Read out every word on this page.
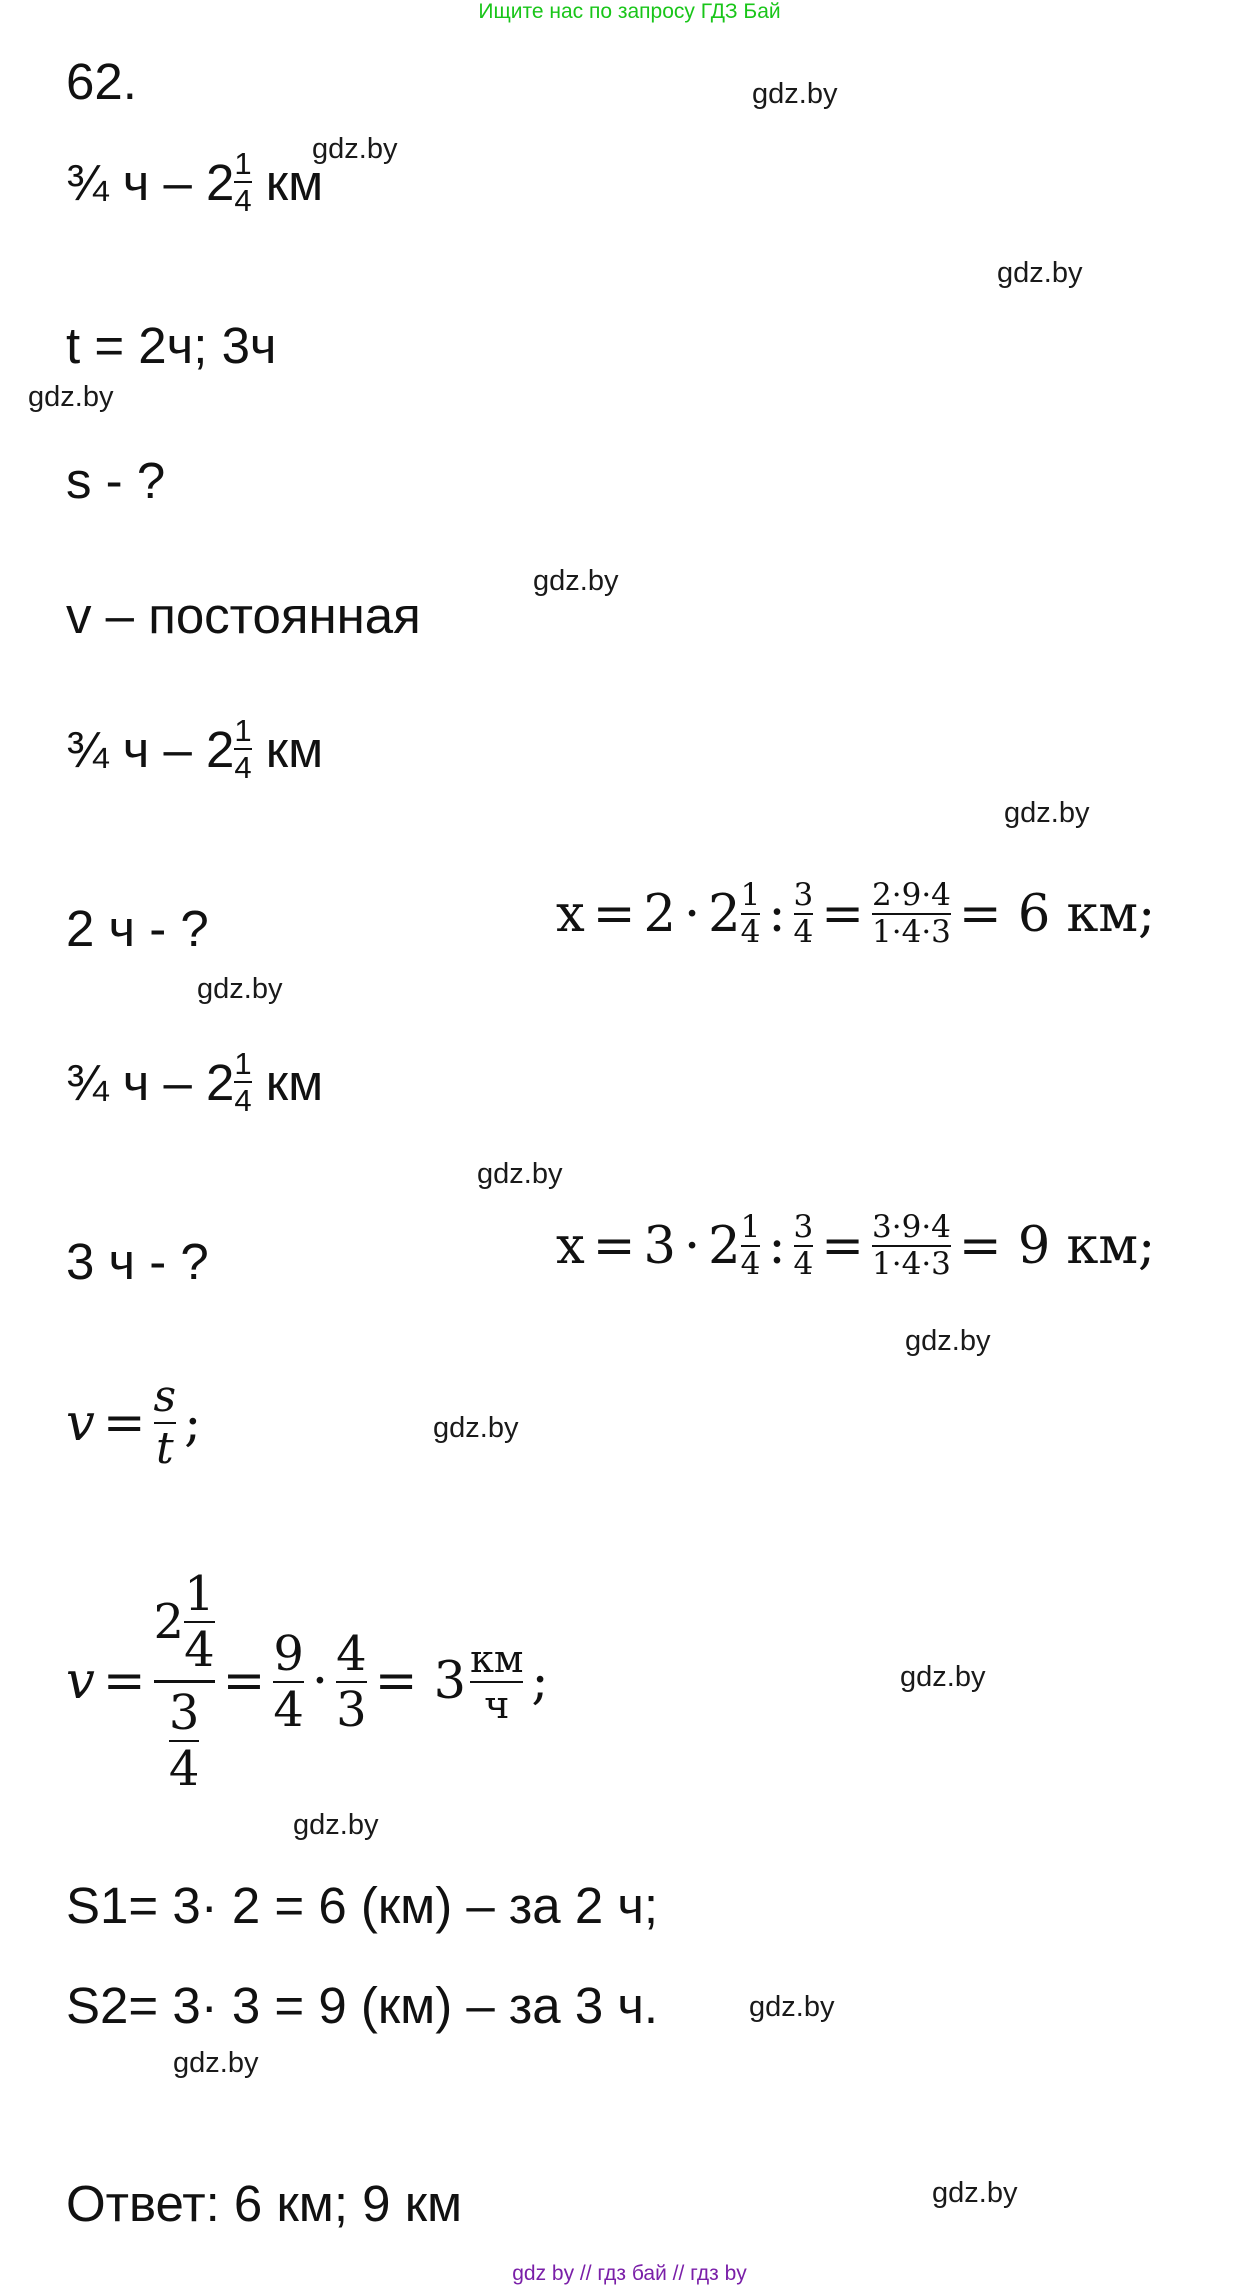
Ищите нас по запросу ГДЗ Бай
gdz.by
gdz.by
gdz.by
gdz.by
gdz.by
gdz.by
gdz.by
gdz.by
gdz.by
gdz.by
gdz.by
gdz.by
gdz.by
gdz.by
gdz.by
62.
¾ ч – $2 \frac{1}{4}$ км
t = 2ч; 3ч
s - ?
v – постоянная
¾ ч – $2 \frac{1}{4}$ км
2 ч - ?	$x = 2 \cdot 2 \frac{1}{4}$ : $\frac{3}{4} = \frac{2\cdot 9\cdot 4}{1\cdot 4\cdot 3} = 6$ км;
¾ ч – $2 \frac{1}{4}$ км
3 ч - ?	$x = 3 \cdot 2 \frac{1}{4}$ : $\frac{3}{4} = \frac{3\cdot 9\cdot 4}{1\cdot 4\cdot 3} = 9$ км;
$v = \frac{s}{t}$ ;
$v = \frac{2 \frac{1}{4}}{\frac{3}{4}} = \frac{9}{4} \cdot \frac{4}{3} = 3 \frac{км}{ч}$ ;
S1= 3· 2 = 6 (км) – за 2 ч;
S2= 3· 3 = 9 (км) – за 3 ч.
Ответ: 6 км; 9 км
gdz by // гдз бай // гдз by
